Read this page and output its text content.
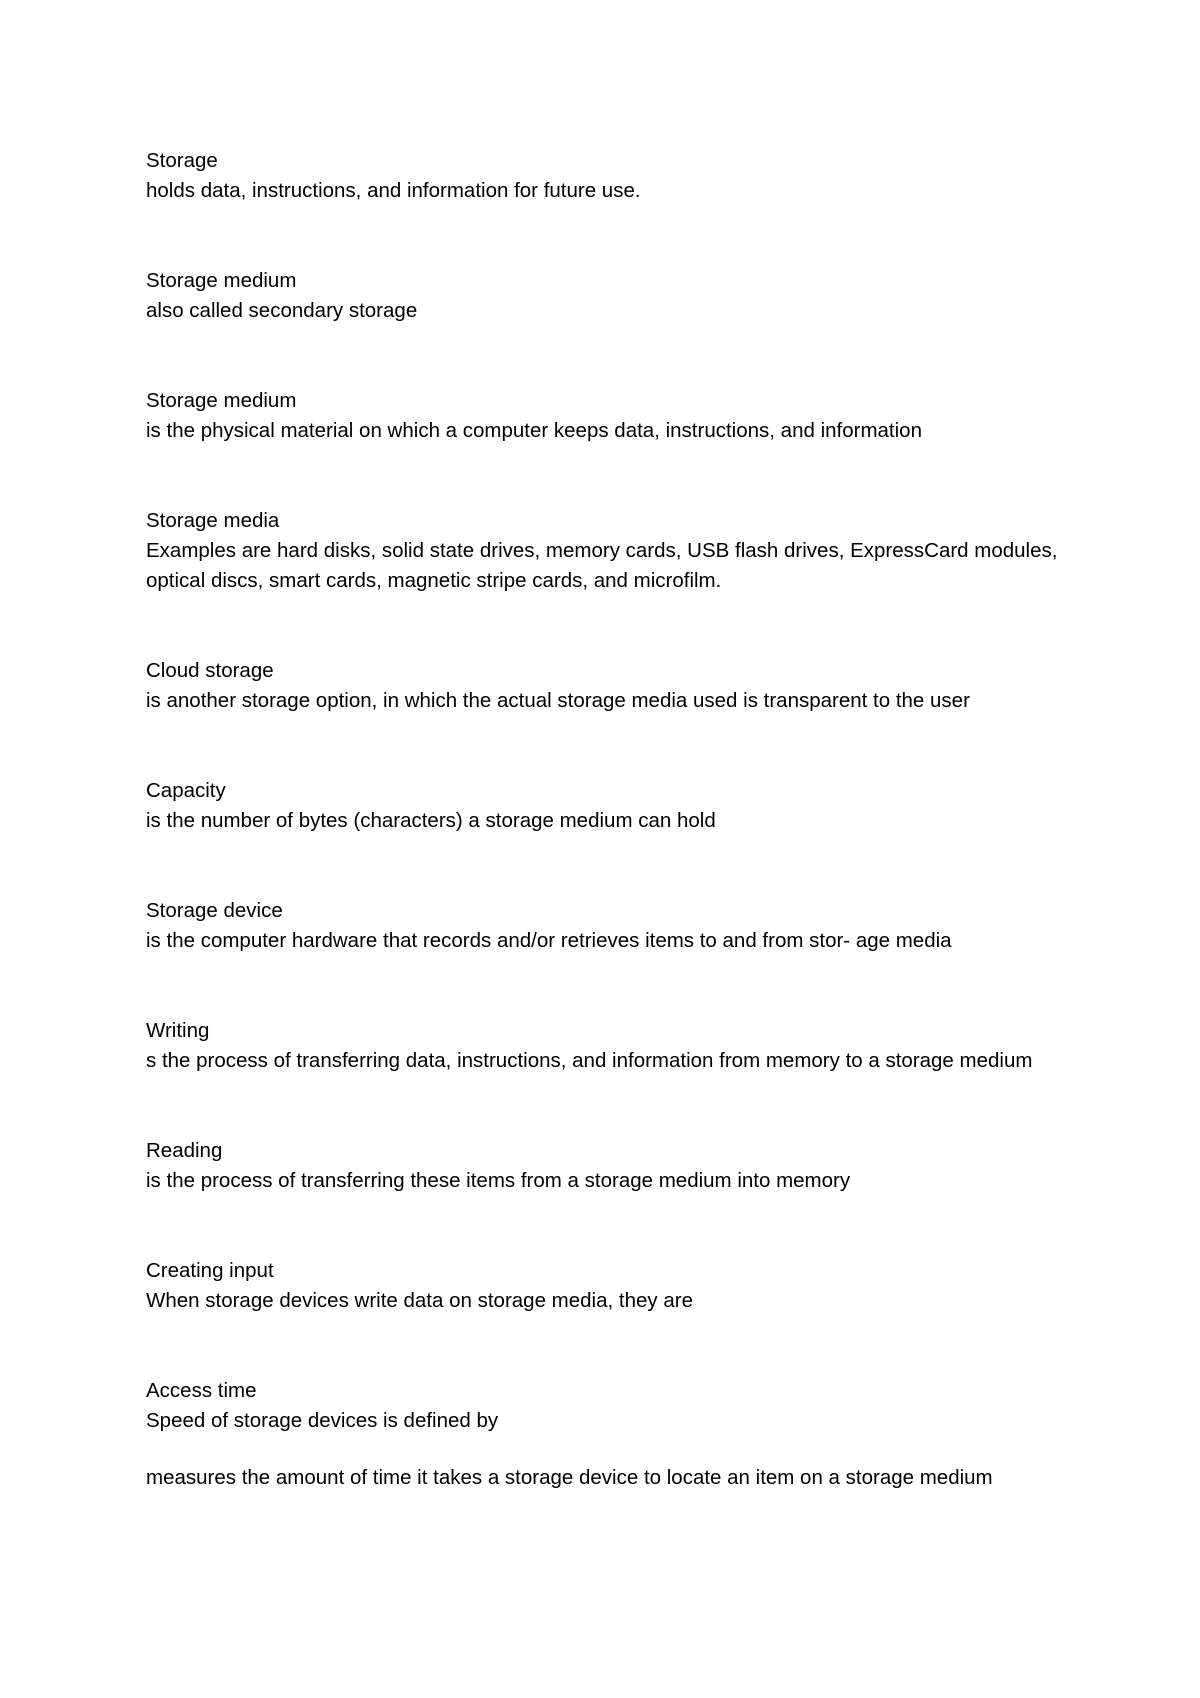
Storage

holds data, instructions, and information for future use.

Storage medium

also called secondary storage

Storage medium

is the physical material on which a computer keeps data, instructions, and information

Storage media

Examples are hard disks, solid state drives, memory cards, USB flash drives, ExpressCard modules, optical discs, smart cards, magnetic stripe cards, and microfilm.

Cloud storage

is another storage option, in which the actual storage media used is transparent to the user

Capacity

is the number of bytes (characters) a storage medium can hold

Storage device

is the computer hardware that records and/or retrieves items to and from stor- age media

Writing

s the process of transferring data, instructions, and information from memory to a storage medium

Reading

is the process of transferring these items from a storage medium into memory

Creating input

When storage devices write data on storage media, they are

Access time

Speed of storage devices is defined by

measures the amount of time it takes a storage device to locate an item on a storage medium
